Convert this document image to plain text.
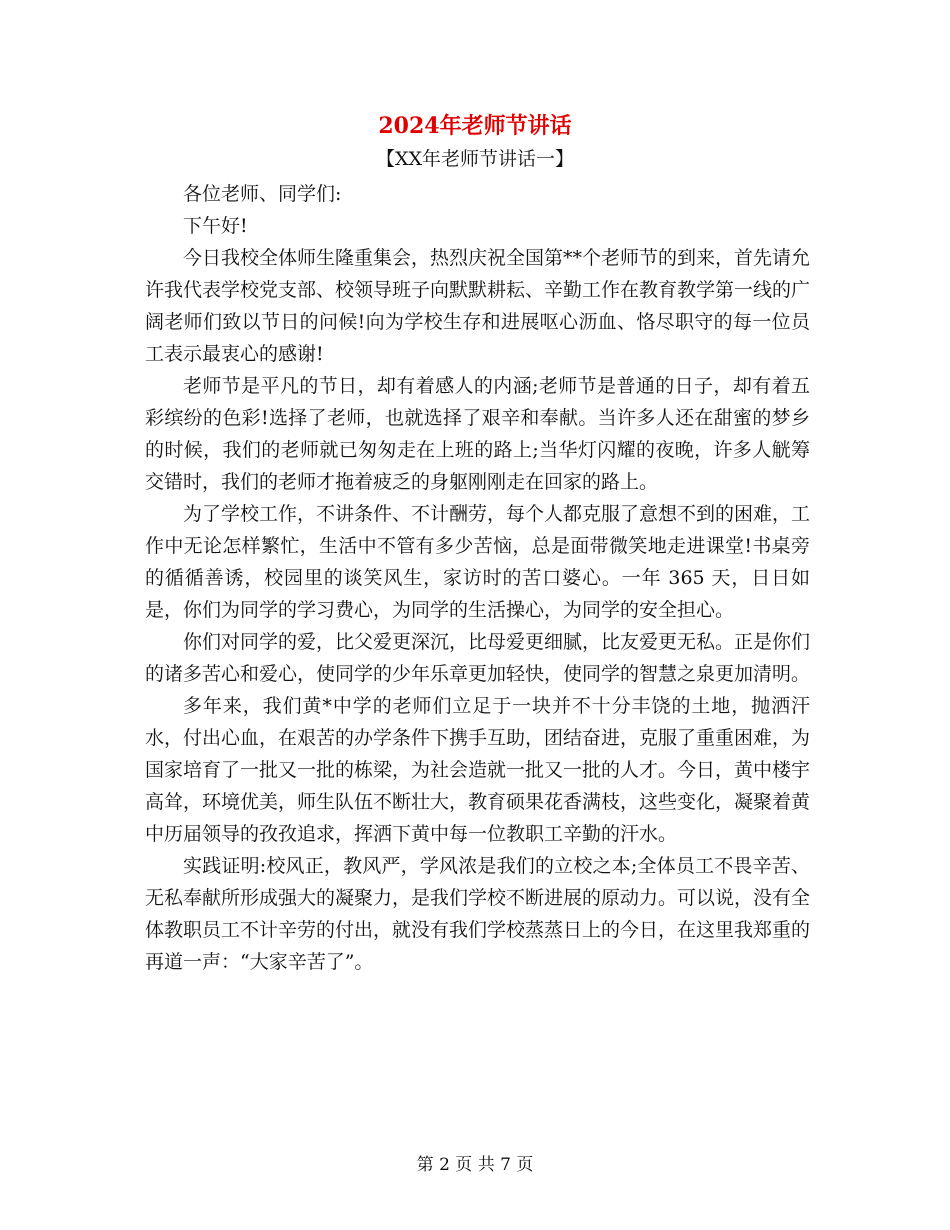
2024年老师节讲话
【XX年老师节讲话一】

各位老师、同学们:

下午好!

今日我校全体师生隆重集会，热烈庆祝全国第**个老师节的到来，首先请允许我代表学校党支部、校领导班子向默默耕耘、辛勤工作在教育教学第一线的广阔老师们致以节日的问候!向为学校生存和进展呕心沥血、恪尽职守的每一位员工表示最衷心的感谢!

老师节是平凡的节日，却有着感人的内涵;老师节是普通的日子，却有着五彩缤纷的色彩!选择了老师，也就选择了艰辛和奉献。当许多人还在甜蜜的梦乡的时候，我们的老师就已匆匆走在上班的路上;当华灯闪耀的夜晚，许多人觥筹交错时，我们的老师才拖着疲乏的身躯刚刚走在回家的路上。

为了学校工作，不讲条件、不计酬劳，每个人都克服了意想不到的困难，工作中无论怎样繁忙，生活中不管有多少苦恼，总是面带微笑地走进课堂!书桌旁的循循善诱，校园里的谈笑风生，家访时的苦口婆心。一年 365 天，日日如是，你们为同学的学习费心，为同学的生活操心，为同学的安全担心。

你们对同学的爱，比父爱更深沉，比母爱更细腻，比友爱更无私。正是你们的诸多苦心和爱心，使同学的少年乐章更加轻快，使同学的智慧之泉更加清明。

多年来，我们黄*中学的老师们立足于一块并不十分丰饶的土地，抛洒汗水，付出心血，在艰苦的办学条件下携手互助，团结奋进，克服了重重困难，为国家培育了一批又一批的栋梁，为社会造就一批又一批的人才。今日，黄中楼宇高耸，环境优美，师生队伍不断壮大，教育硕果花香满枝，这些变化，凝聚着黄中历届领导的孜孜追求，挥洒下黄中每一位教职工辛勤的汗水。

实践证明:校风正，教风严，学风浓是我们的立校之本;全体员工不畏辛苦、无私奉献所形成强大的凝聚力，是我们学校不断进展的原动力。可以说，没有全体教职员工不计辛劳的付出，就没有我们学校蒸蒸日上的今日，在这里我郑重的再道一声：“大家辛苦了”。

第 2 页 共 7 页
